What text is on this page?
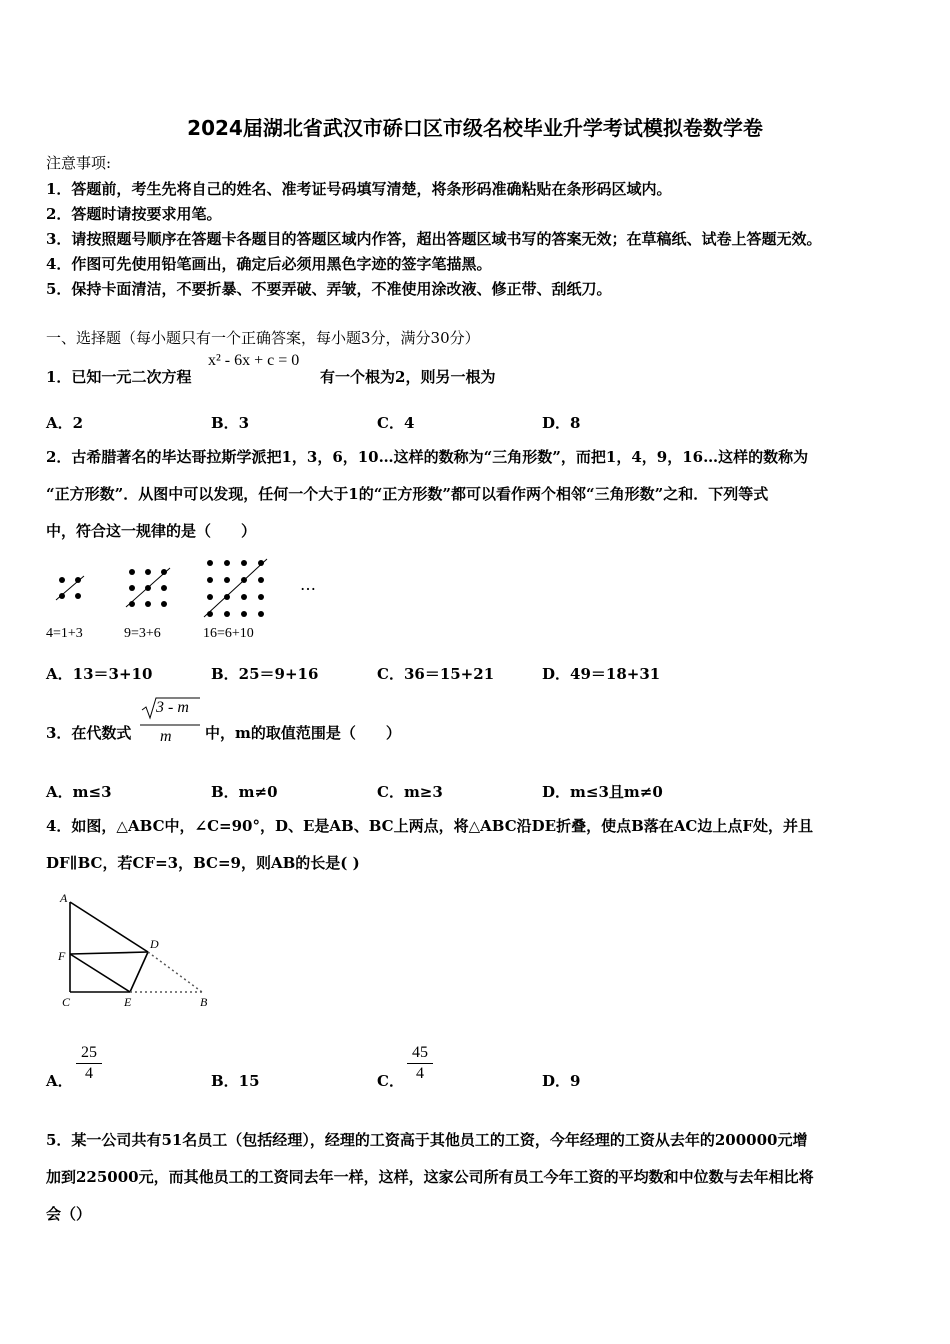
2024届湖北省武汉市硚口区市级名校毕业升学考试模拟卷数学卷
注意事项:
1．答题前，考生先将自己的姓名、准考证号码填写清楚，将条形码准确粘贴在条形码区域内。
2．答题时请按要求用笔。
3．请按照题号顺序在答题卡各题目的答题区域内作答，超出答题区域书写的答案无效；在草稿纸、试卷上答题无效。
4．作图可先使用铅笔画出，确定后必须用黑色字迹的签字笔描黑。
5．保持卡面清洁，不要折暴、不要弄破、弄皱，不准使用涂改液、修正带、刮纸刀。
一、选择题（每小题只有一个正确答案，每小题3分，满分30分）
1．已知一元二次方程
x² - 6x + c = 0
有一个根为2，则另一根为
A．2	B．3	C．4	D．8
2．古希腊著名的毕达哥拉斯学派把1，3，6，10…这样的数称为“三角形数”，而把1，4，9，16…这样的数称为
“正方形数”．从图中可以发现，任何一个大于1的“正方形数”都可以看作两个相邻“三角形数”之和．下列等式
中，符合这一规律的是（　　）
…
4=1+3	9=3+6	16=6+10
A．13＝3+10	B．25＝9+16	C．36＝15+21	D．49＝18+31
3．在代数式
3 - m
m 中，m的取值范围是（　　）
A．m≤3	B．m≠0	C．m≥3	D．m≤3且m≠0
4．如图，△ABC中，∠C=90°，D、E是AB、BC上两点，将△ABC沿DE折叠，使点B落在AC边上点F处，并且
DF∥BC，若CF=3，BC=9，则AB的长是( )
A
D
F
C	E	B
A．
25
4	B．15	C．
45
4	D．9
5．某一公司共有51名员工（包括经理），经理的工资高于其他员工的工资，今年经理的工资从去年的200000元增
加到225000元，而其他员工的工资同去年一样，这样，这家公司所有员工今年工资的平均数和中位数与去年相比将
会（）
